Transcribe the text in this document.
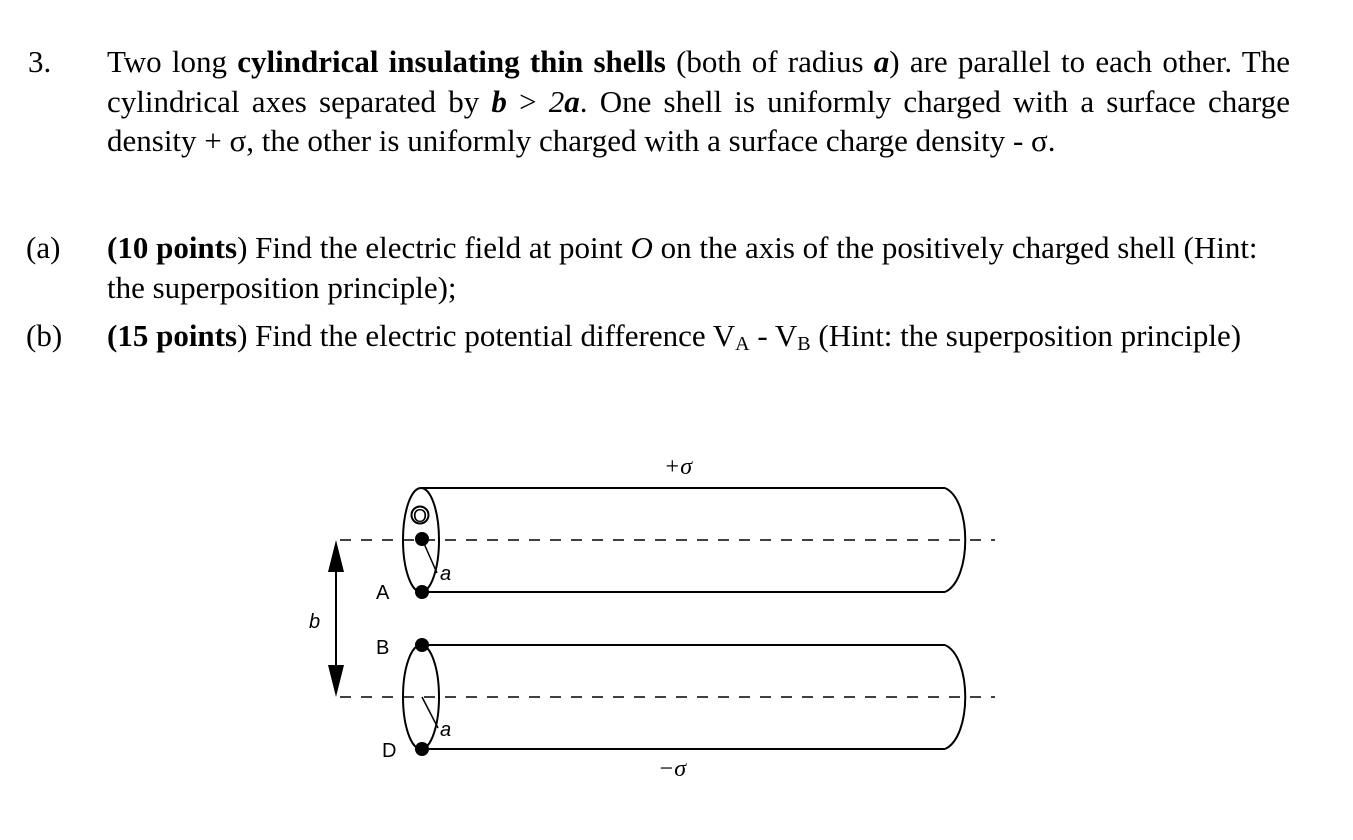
3. Two long cylindrical insulating thin shells (both of radius a) are parallel to each other. The cylindrical axes separated by b > 2a. One shell is uniformly charged with a surface charge density + σ, the other is uniformly charged with a surface charge density - σ.
(a) (10 points) Find the electric field at point O on the axis of the positively charged shell (Hint: the superposition principle);
(b) (15 points) Find the electric potential difference $V_A - V_B$ (Hint: the superposition principle)
O
+σ
−σ
A
B
D
b
a
a
